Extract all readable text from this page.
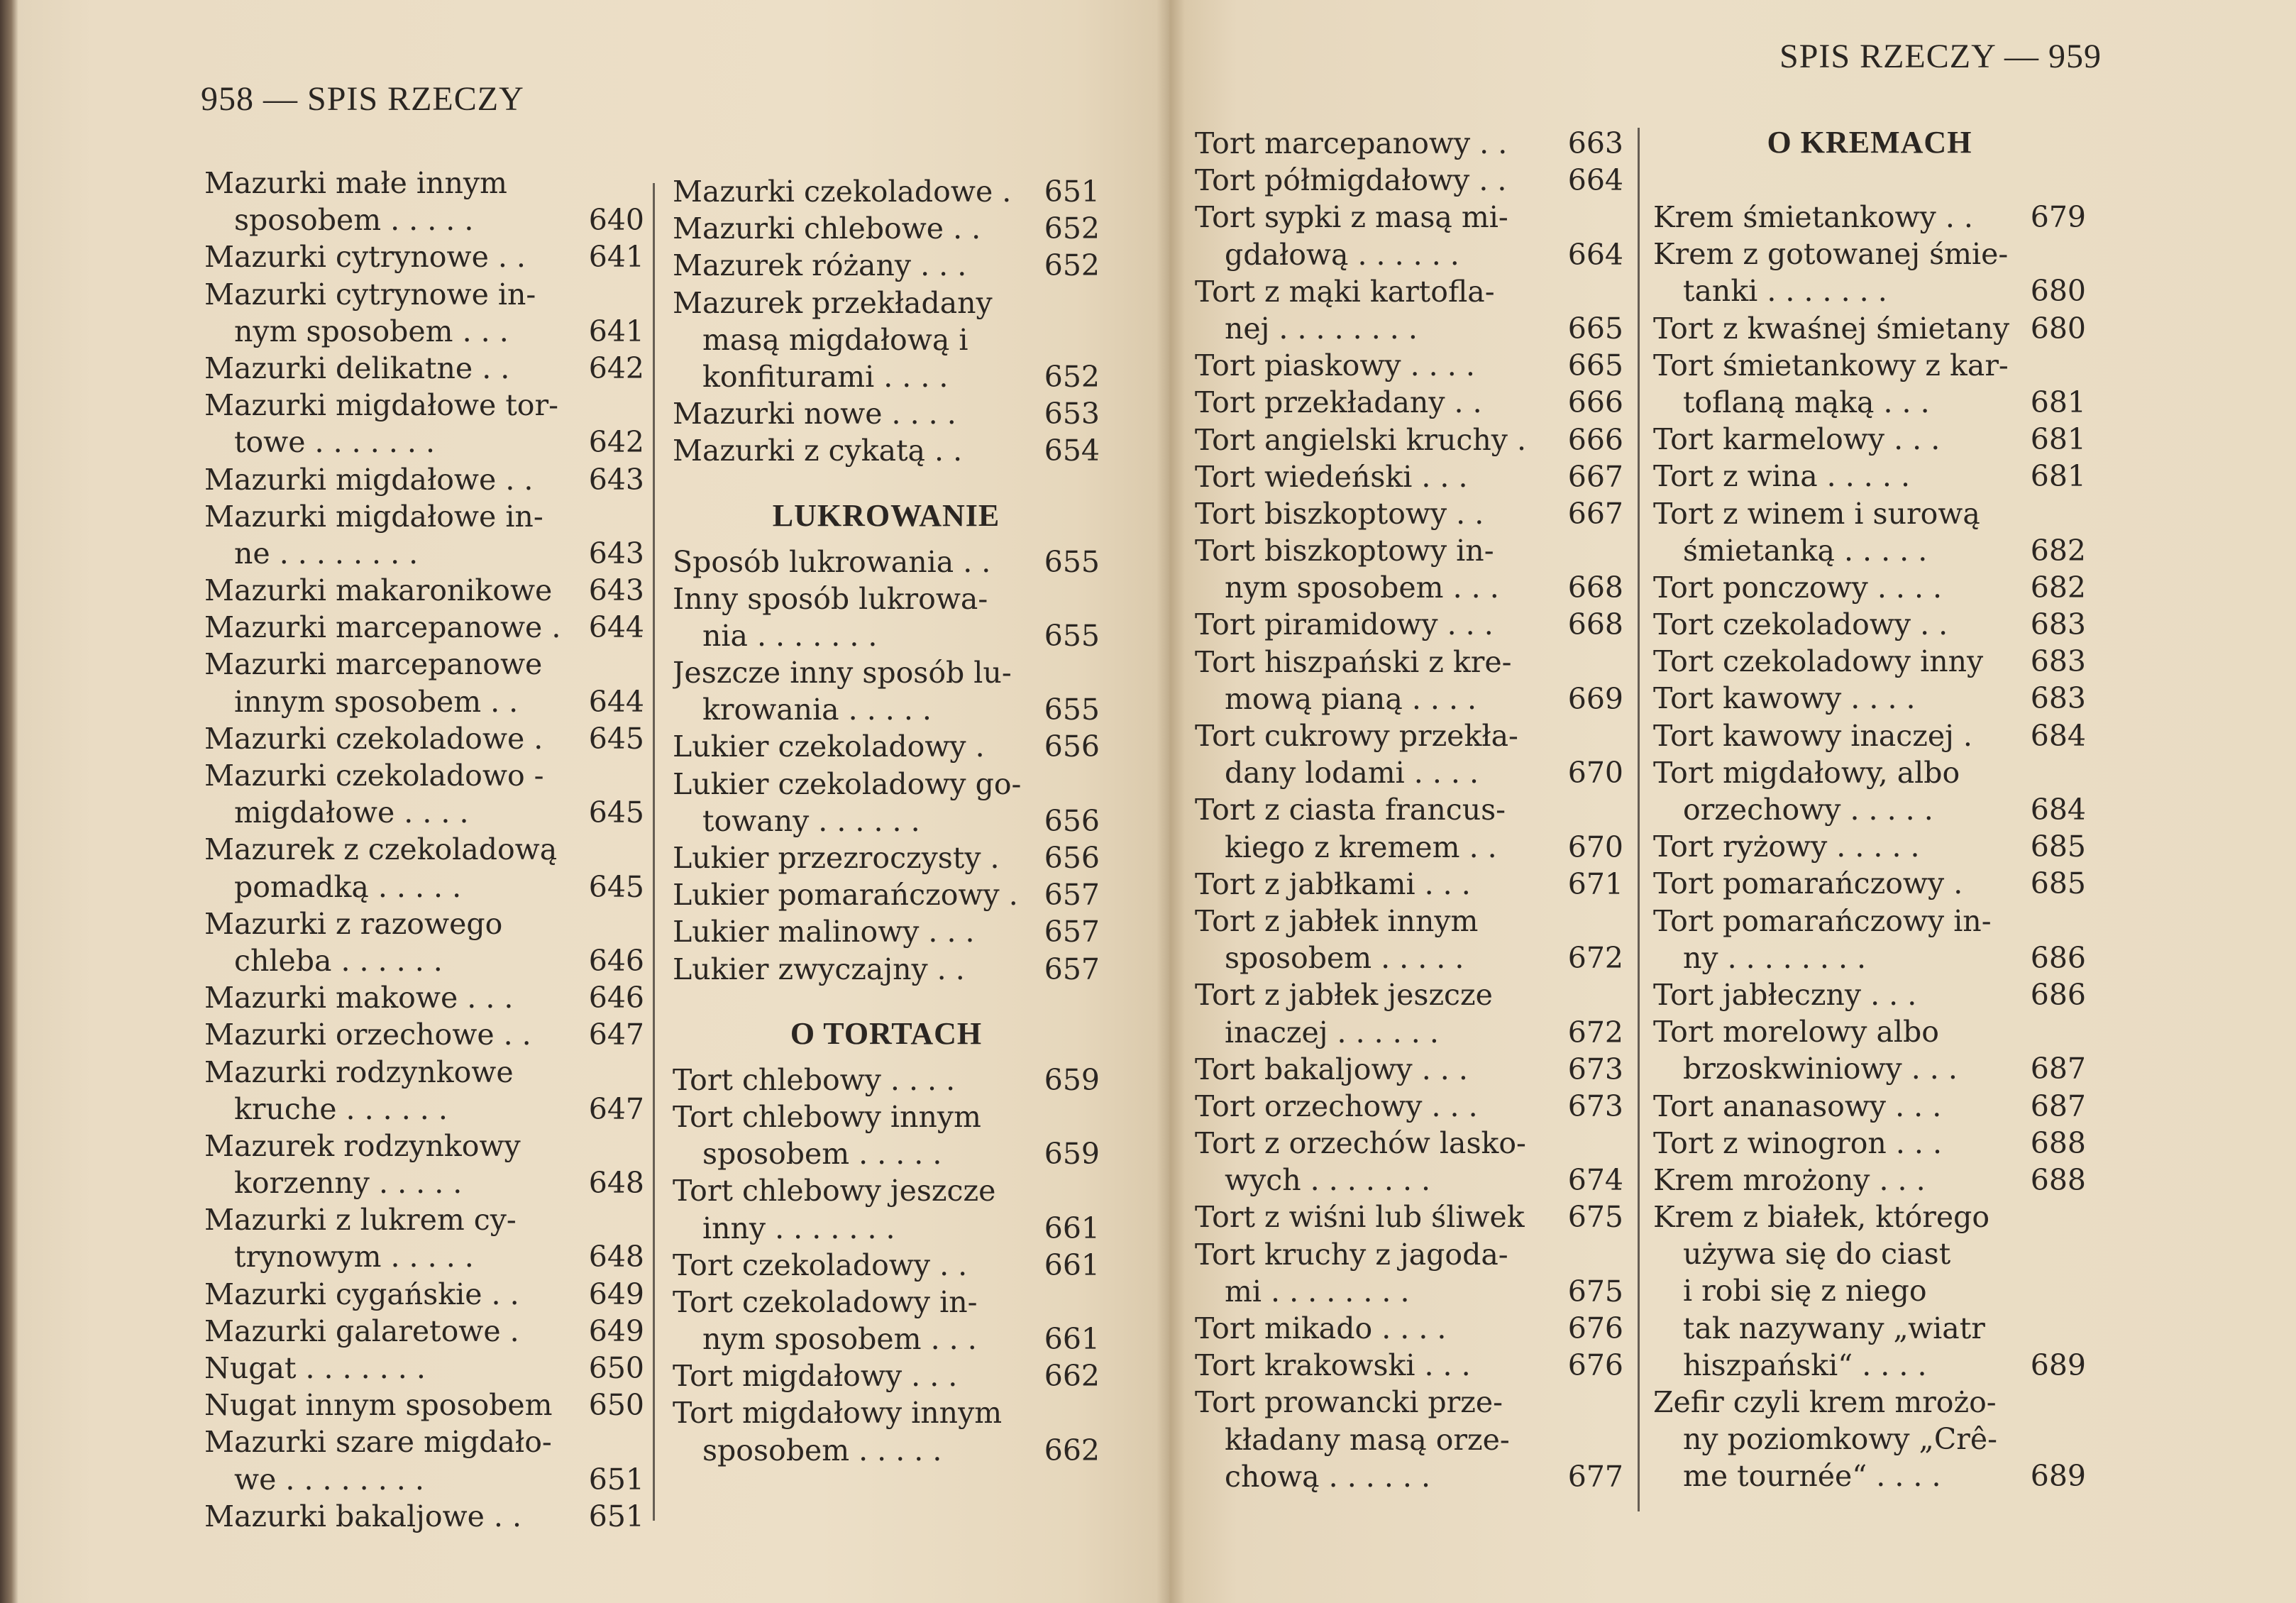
958 — SPIS RZECZY
Mazurki małe innym
sposobem . . . . .	640
Mazurki cytrynowe . .	641
Mazurki cytrynowe in-
nym sposobem . . .	641
Mazurki delikatne . .	642
Mazurki migdałowe tor-
towe . . . . . . .	642
Mazurki migdałowe . .	643
Mazurki migdałowe in-
ne . . . . . . . .	643
Mazurki makaronikowe	643
Mazurki marcepanowe . 644
Mazurki marcepanowe
innym sposobem . .	644
Mazurki czekoladowe .	645
Mazurki czekoladowo -
migdałowe . . . .	645
Mazurek z czekoladową
pomadką . . . . .	645
Mazurki z razowego
chleba . . . . . .	646
Mazurki makowe . . .	646
Mazurki orzechowe . .	647
Mazurki rodzynkowe
kruche . . . . . .	647
Mazurek rodzynkowy
korzenny . . . . .	648
Mazurki z lukrem cy-
trynowym . . . . .	648
Mazurki cygańskie . .	649
Mazurki galaretowe .	649
Nugat . . . . . . .	650
Nugat innym sposobem	650
Mazurki szare migdało-
we . . . . . . . .	651
Mazurki bakaljowe . .	651
Mazurki czekoladowe .	651
Mazurki chlebowe . .	652
Mazurek różany . . .	652
Mazurek przekładany
masą migdałową i
konfiturami . . . .	652
Mazurki nowe . . . .	653
Mazurki z cykatą . .	654
LUKROWANIE
Sposób lukrowania . .	655
Inny sposób lukrowa-
nia . . . . . . .	655
Jeszcze inny sposób lu-
krowania . . . . .	655
Lukier czekoladowy .	656
Lukier czekoladowy go-
towany . . . . . .	656
Lukier przezroczysty .	656
Lukier pomarańczowy . 657
Lukier malinowy . . .	657
Lukier zwyczajny . .	657
O TORTACH
Tort chlebowy . . . .	659
Tort chlebowy innym
sposobem . . . . .	659
Tort chlebowy jeszcze
inny . . . . . . .	661
Tort czekoladowy . .	661
Tort czekoladowy in-
nym sposobem . . .	661
Tort migdałowy . . .	662
Tort migdałowy innym
sposobem . . . . .	662
SPIS RZECZY — 959
Tort marcepanowy . .	663
Tort półmigdałowy . .	664
Tort sypki z masą mi-
gdałową . . . . . .	664
Tort z mąki kartofla-
nej . . . . . . . .	665
Tort piaskowy . . . .	665
Tort przekładany . .	666
Tort angielski kruchy .	666
Tort wiedeński . . .	667
Tort biszkoptowy . .	667
Tort biszkoptowy in-
nym sposobem . . .	668
Tort piramidowy . . .	668
Tort hiszpański z kre-
mową pianą . . . .	669
Tort cukrowy przekła-
dany lodami . . . .	670
Tort z ciasta francus-
kiego z kremem . .	670
Tort z jabłkami . . .	671
Tort z jabłek innym
sposobem . . . . .	672
Tort z jabłek jeszcze
inaczej . . . . . .	672
Tort bakaljowy . . .	673
Tort orzechowy . . .	673
Tort z orzechów lasko-
wych . . . . . . .	674
Tort z wiśni lub śliwek	675
Tort kruchy z jagoda-
mi . . . . . . . .	675
Tort mikado . . . .	676
Tort krakowski . . .	676
Tort prowancki prze-
kładany masą orze-
chową . . . . . .	677
O KREMACH
Krem śmietankowy . .	679
Krem z gotowanej śmie-
tanki . . . . . . .	680
Tort z kwaśnej śmietany 680
Tort śmietankowy z kar-
toflaną mąką . . .	681
Tort karmelowy . . .	681
Tort z wina . . . . .	681
Tort z winem i surową
śmietanką . . . . .	682
Tort ponczowy . . . .	682
Tort czekoladowy . .	683
Tort czekoladowy inny	683
Tort kawowy . . . .	683
Tort kawowy inaczej .	684
Tort migdałowy, albo
orzechowy . . . . .	684
Tort ryżowy . . . . .	685
Tort pomarańczowy .	685
Tort pomarańczowy in-
ny . . . . . . . .	686
Tort jabłeczny . . .	686
Tort morelowy albo
brzoskwiniowy . . .	687
Tort ananasowy . . .	687
Tort z winogron . . .	688
Krem mrożony . . .	688
Krem z białek, którego
używa się do ciast
i robi się z niego
tak nazywany „wiatr
hiszpański“ . . . .	689
Zefir czyli krem mrożo-
ny poziomkowy „Crê-
me tournée“ . . . .	689
